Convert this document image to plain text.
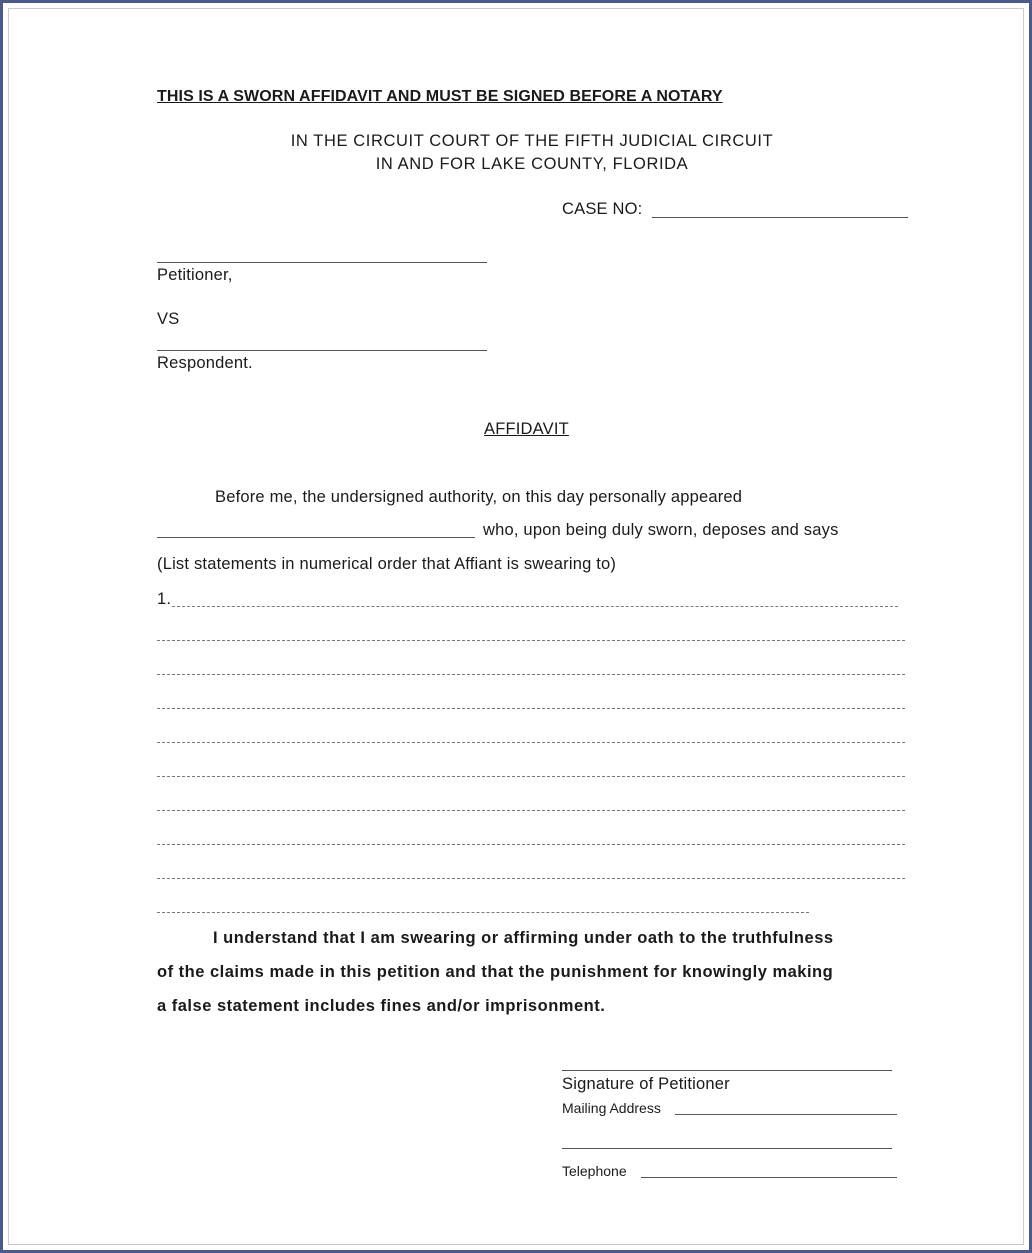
THIS IS A SWORN AFFIDAVIT AND MUST BE SIGNED BEFORE A NOTARY

IN THE CIRCUIT COURT OF THE FIFTH JUDICIAL CIRCUIT

IN AND FOR LAKE COUNTY, FLORIDA

CASE NO:

Petitioner,

VS

Respondent.

AFFIDAVIT

Before me, the undersigned authority, on this day personally appeared

who, upon being duly sworn, deposes and says

(List statements in numerical order that Affiant is swearing to)

1.

I understand that I am swearing or affirming under oath to the truthfulness

of the claims made in this petition and that the punishment for knowingly making

a false statement includes fines and/or imprisonment.

Signature of Petitioner

Mailing Address

Telephone
